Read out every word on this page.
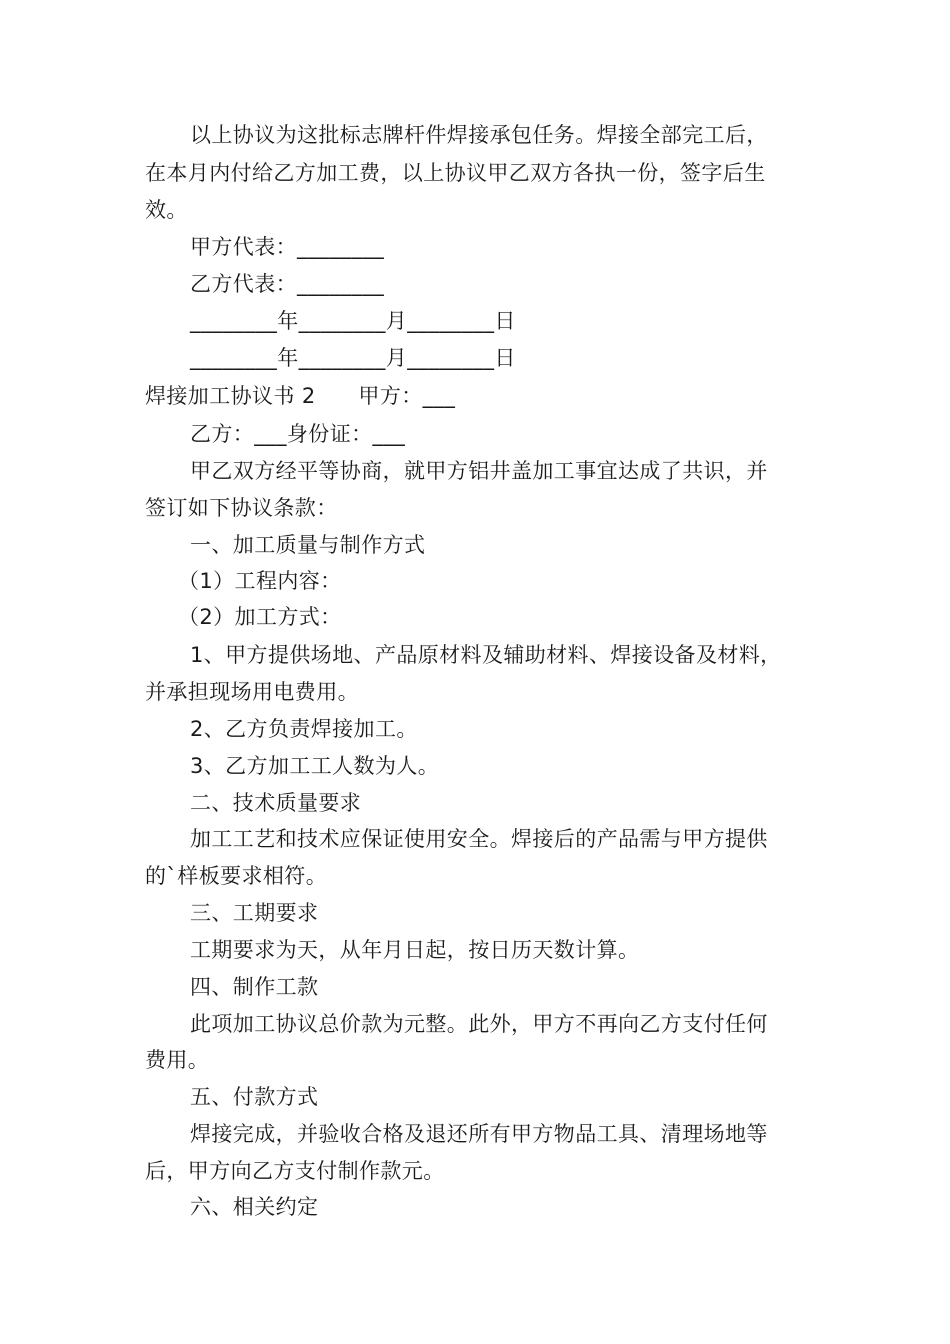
以上协议为这批标志牌杆件焊接承包任务。焊接全部完工后，
在本月内付给乙方加工费，以上协议甲乙双方各执一份，签字后生
效。
甲方代表：________
乙方代表：________
________年________月________日
________年________月________日
焊接加工协议书 2　　甲方：___
乙方：___身份证：___
甲乙双方经平等协商，就甲方铝井盖加工事宜达成了共识，并
签订如下协议条款：
一、加工质量与制作方式
（1）工程内容：
（2）加工方式：
1、甲方提供场地、产品原材料及辅助材料、焊接设备及材料，
并承担现场用电费用。
2、乙方负责焊接加工。
3、乙方加工工人数为人。
二、技术质量要求
加工工艺和技术应保证使用安全。焊接后的产品需与甲方提供
的`样板要求相符。
三、工期要求
工期要求为天，从年月日起，按日历天数计算。
四、制作工款
此项加工协议总价款为元整。此外，甲方不再向乙方支付任何
费用。
五、付款方式
焊接完成，并验收合格及退还所有甲方物品工具、清理场地等
后，甲方向乙方支付制作款元。
六、相关约定
